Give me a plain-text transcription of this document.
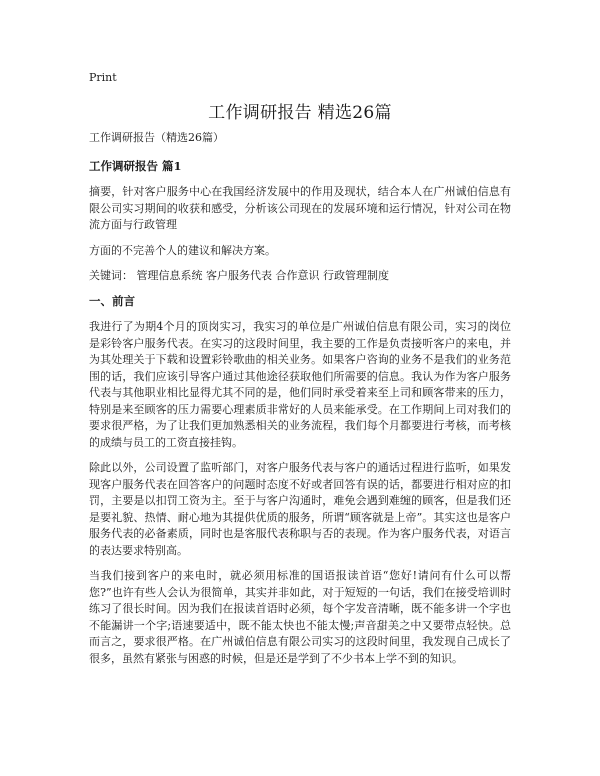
Print
工作调研报告 精选26篇

工作调研报告（精选26篇）

工作调研报告 篇1

摘要，针对客户服务中心在我国经济发展中的作用及现状，结合本人在广州诚伯信息有限公司实习期间的收获和感受，分析该公司现在的发展环境和运行情况，针对公司在物流方面与行政管理

方面的不完善个人的建议和解决方案。

关键词： 管理信息系统 客户服务代表 合作意识 行政管理制度

一、前言

我进行了为期4个月的顶岗实习，我实习的单位是广州诚伯信息有限公司，实习的岗位是彩铃客户服务代表。在实习的这段时间里，我主要的工作是负责接听客户的来电，并为其处理关于下载和设置彩铃歌曲的相关业务。如果客户咨询的业务不是我们的业务范围的话，我们应该引导客户通过其他途径获取他们所需要的信息。我认为作为客户服务代表与其他职业相比显得尤其不同的是，他们同时承受着来至上司和顾客带来的压力，特别是来至顾客的压力需要心理素质非常好的人员来能承受。在工作期间上司对我们的要求很严格，为了让我们更加熟悉相关的业务流程，我们每个月都要进行考核，而考核的成绩与员工的工资直接挂钩。

除此以外，公司设置了监听部门，对客户服务代表与客户的通话过程进行监听，如果发现客户服务代表在回答客户的问题时态度不好或者回答有误的话，都要进行相对应的扣罚，主要是以扣罚工资为主。至于与客户沟通时，难免会遇到难缠的顾客，但是我们还是要礼貌、热情、耐心地为其提供优质的服务，所谓“顾客就是上帝”。其实这也是客户服务代表的必备素质，同时也是客服代表称职与否的表现。作为客户服务代表，对语言的表达要求特别高。

当我们接到客户的来电时，就必须用标准的国语报读首语“您好!请问有什么可以帮您?”也许有些人会认为很简单，其实并非如此，对于短短的一句话，我们在接受培训时练习了很长时间。因为我们在报读首语时必须，每个字发音清晰，既不能多讲一个字也不能漏讲一个字;语速要适中，既不能太快也不能太慢;声音甜美之中又要带点轻快。总而言之，要求很严格。在广州诚伯信息有限公司实习的这段时间里，我发现自己成长了很多，虽然有紧张与困惑的时候，但是还是学到了不少书本上学不到的知识。
